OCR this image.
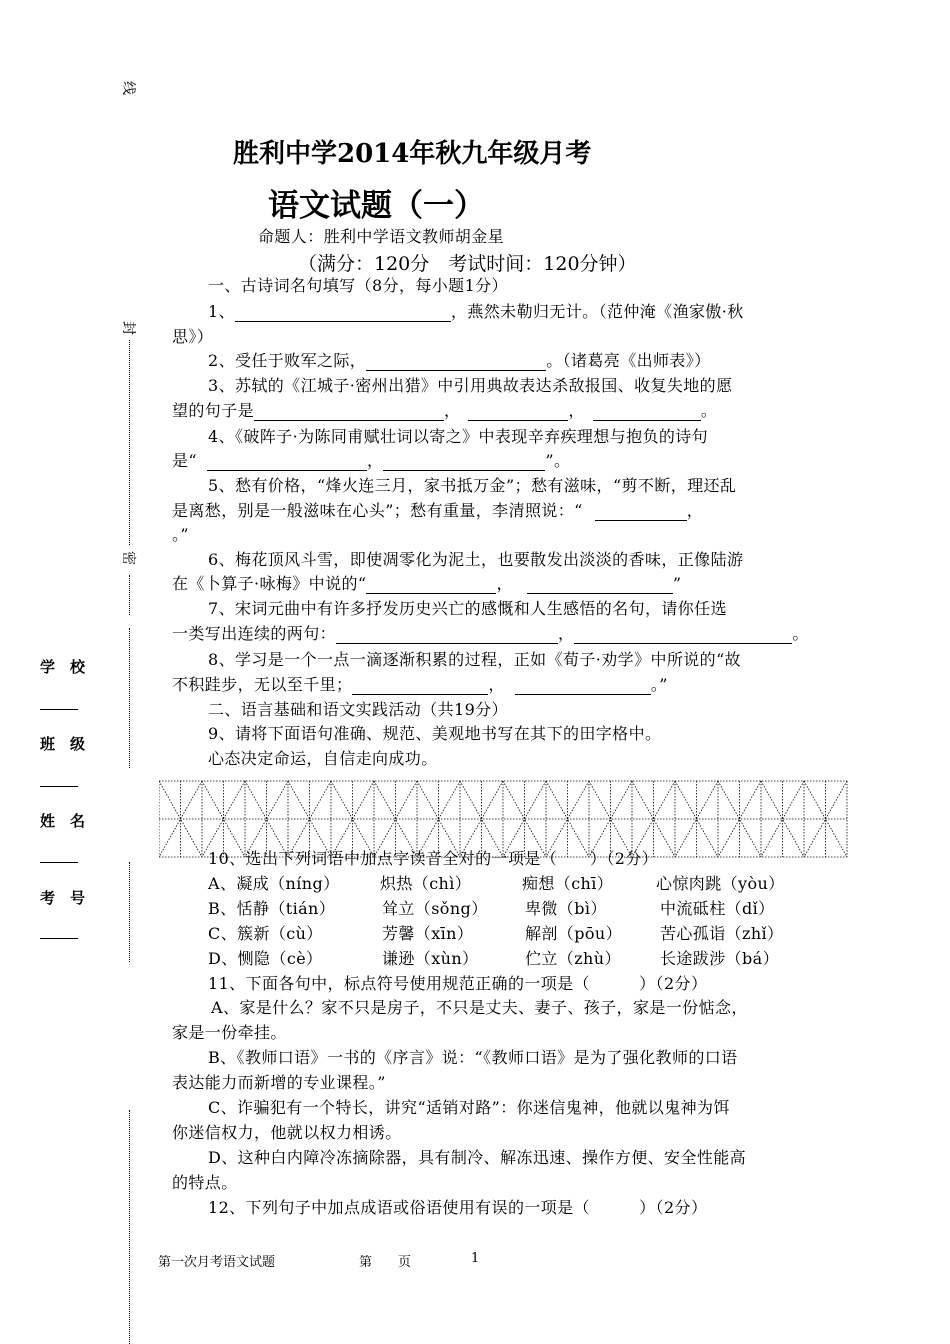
线
封
密
学　校
班　级
姓　名
考　号
胜利中学2014年秋九年级月考
语文试题（一）
命题人：胜利中学语文教师胡金星
（满分：120分　考试时间：120分钟）
一、古诗词名句填写（8分，每小题1分）
1、	，燕然未勒归无计。（范仲淹《渔家傲·秋
思》）
2、受任于败军之际，	。（诸葛亮《出师表》）
3、苏轼的《江城子·密州出猎》中引用典故表达杀敌报国、收复失地的愿
望的句子是	，	，	。
4、《破阵子·为陈同甫赋壮词以寄之》中表现辛弃疾理想与抱负的诗句
是“	，	”。
5、愁有价格，“烽火连三月，家书抵万金”；愁有滋味，“剪不断，理还乱
是离愁，别是一般滋味在心头”；愁有重量，李清照说：“	，
。”
6、梅花顶风斗雪，即使凋零化为泥土，也要散发出淡淡的香味，正像陆游
在《卜算子·咏梅》中说的“	，	”
7、宋词元曲中有许多抒发历史兴亡的感慨和人生感悟的名句，请你任选
一类写出连续的两句：	，	。
8、学习是一个一点一滴逐渐积累的过程，正如《荀子·劝学》中所说的“故
不积跬步，无以至千里；	，	。”
二、语言基础和语文实践活动（共19分）
9、请将下面语句准确、规范、美观地书写在其下的田字格中。
心态决定命运，自信走向成功。
10、选出下列词语中加点字读音全对的一项是（　　）（2分）
A、凝成（níng）	炽热（chì）	痴想（chī）	心惊肉跳（yòu）
B、恬静（tián）	耸立（sǒng） 卑微（bì）	中流砥柱（dǐ）
C、簇新（cù）	芳馨（xīn）	解剖（pōu） 苦心孤诣（zhǐ）
D、恻隐（cè）	谦逊（xùn）	伫立（zhù） 长途跋涉（bá）
11、下面各句中，标点符号使用规范正确的一项是（　　　）（2分）
A、家是什么？家不只是房子，不只是丈夫、妻子、孩子，家是一份惦念，
家是一份牵挂。
B、《教师口语》一书的《序言》说：“《教师口语》是为了强化教师的口语
表达能力而新增的专业课程。”
C、诈骗犯有一个特长，讲究“适销对路”：你迷信鬼神，他就以鬼神为饵
你迷信权力，他就以权力相诱。
D、这种白内障冷冻摘除器，具有制冷、解冻迅速、操作方便、安全性能高
的特点。
12、下列句子中加点成语或俗语使用有误的一项是（　　　）（2分）
第一次月考语文试题	第　　页	1
